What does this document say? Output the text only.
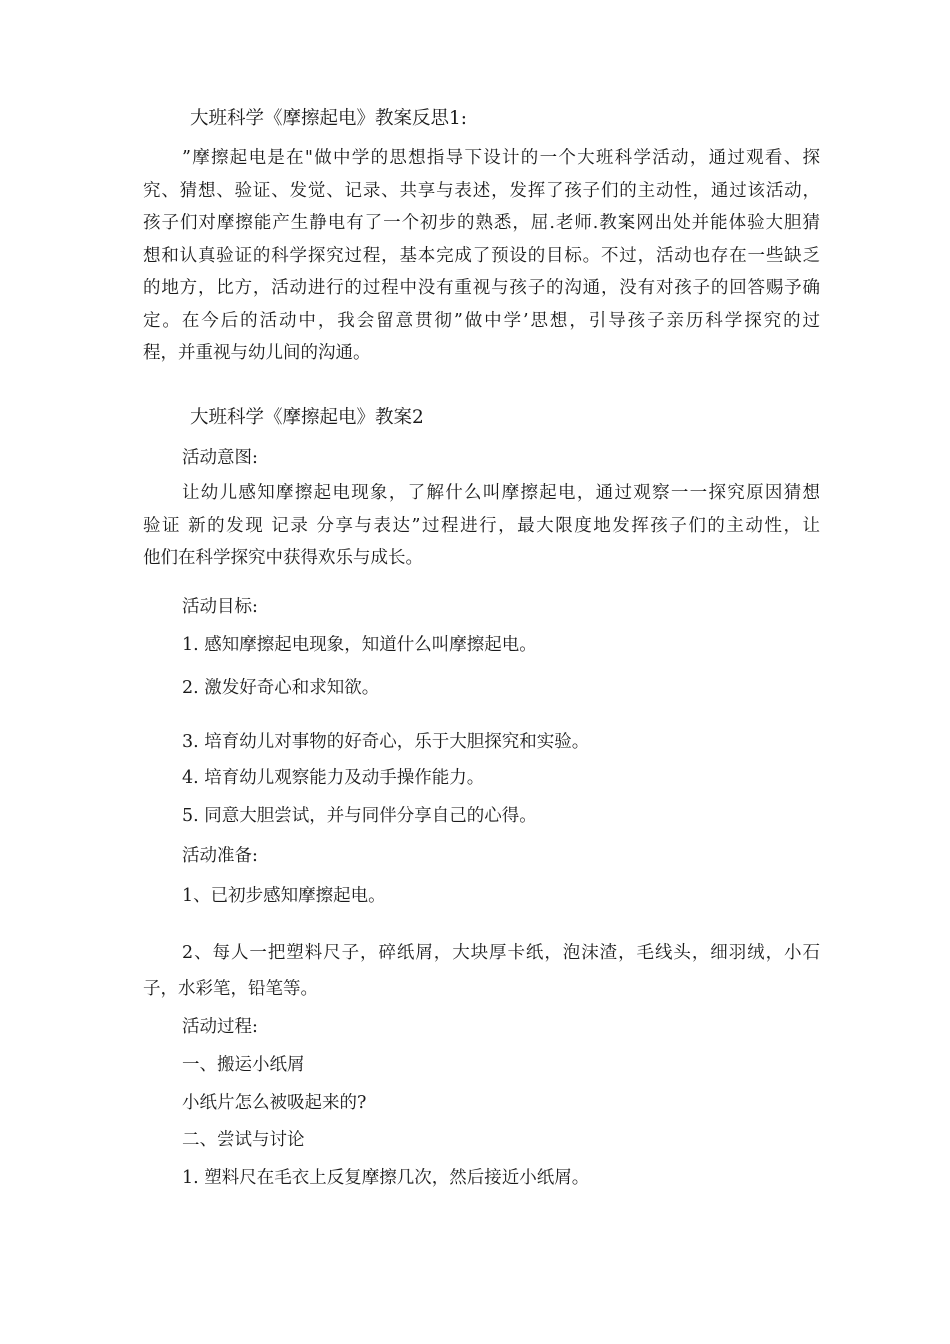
大班科学《摩擦起电》教案反思1:

”摩擦起电是在"做中学的思想指导下设计的一个大班科学活动，通过观看、探
究、猜想、验证、发觉、记录、共享与表述，发挥了孩子们的主动性，通过该活动，
孩子们对摩擦能产生静电有了一个初步的熟悉，屈.老师.教案网出处并能体验大胆猜
想和认真验证的科学探究过程，基本完成了预设的目标。不过，活动也存在一些缺乏
的地方，比方，活动进行的过程中没有重视与孩子的沟通，没有对孩子的回答赐予确
定。在今后的活动中，我会留意贯彻”做中学’思想，引导孩子亲历科学探究的过
程，并重视与幼儿间的沟通。

大班科学《摩擦起电》教案2

活动意图:

让幼儿感知摩擦起电现象，了解什么叫摩擦起电，通过观察一一探究原因猜想
验证 新的发现 记录 分享与表达”过程进行，最大限度地发挥孩子们的主动性，让
他们在科学探究中获得欢乐与成长。

活动目标:

1. 感知摩擦起电现象，知道什么叫摩擦起电。

2. 激发好奇心和求知欲。

3. 培育幼儿对事物的好奇心，乐于大胆探究和实验。

4. 培育幼儿观察能力及动手操作能力。

5. 同意大胆尝试，并与同伴分享自己的心得。

活动准备:

1、已初步感知摩擦起电。

2、每人一把塑料尺子，碎纸屑，大块厚卡纸，泡沫渣，毛线头，细羽绒，小石
子，水彩笔，铅笔等。

活动过程:

一、搬运小纸屑

小纸片怎么被吸起来的?

二、尝试与讨论

1. 塑料尺在毛衣上反复摩擦几次，然后接近小纸屑。
